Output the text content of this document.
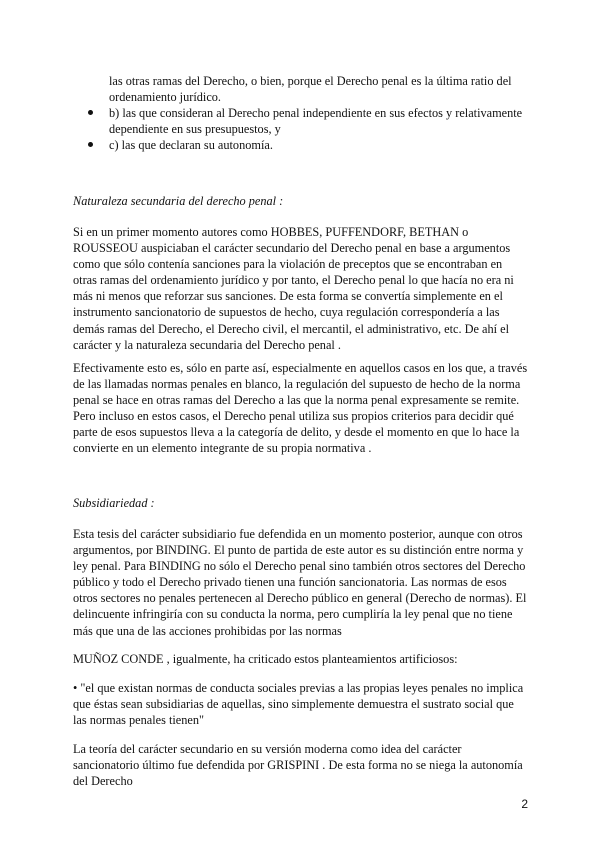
las otras ramas del Derecho, o bien, porque el Derecho penal es la última ratio del ordenamiento jurídico.
b) las que consideran al Derecho penal independiente en sus efectos y relativamente dependiente en sus presupuestos, y
c) las que declaran su autonomía.
Naturaleza secundaria del derecho penal :

Si en un primer momento autores como HOBBES, PUFFENDORF, BETHAN o ROUSSEOU auspiciaban el carácter secundario del Derecho penal en base a argumentos como que sólo contenía sanciones para la violación de preceptos que se encontraban en otras ramas del ordenamiento jurídico y por tanto, el Derecho penal lo que hacía no era ni más ni menos que reforzar sus sanciones. De esta forma se convertía simplemente en el instrumento sancionatorio de supuestos de hecho, cuya regulación correspondería a las demás ramas del Derecho, el Derecho civil, el mercantil, el administrativo, etc. De ahí el carácter y la naturaleza secundaria del Derecho penal .

Efectivamente esto es, sólo en parte así, especialmente en aquellos casos en los que, a través de las llamadas normas penales en blanco, la regulación del supuesto de hecho de la norma penal se hace en otras ramas del Derecho a las que la norma penal expresamente se remite. Pero incluso en estos casos, el Derecho penal utiliza sus propios criterios para decidir qué parte de esos supuestos lleva a la categoría de delito, y desde el momento en que lo hace la convierte en un elemento integrante de su propia normativa .

Subsidiariedad :

Esta tesis del carácter subsidiario fue defendida en un momento posterior, aunque con otros argumentos, por BINDING. El punto de partida de este autor es su distinción entre norma y ley penal. Para BINDING no sólo el Derecho penal sino también otros sectores del Derecho público y todo el Derecho privado tienen una función sancionatoria. Las normas de esos otros sectores no penales pertenecen al Derecho público en general (Derecho de normas). El delincuente infringiría con su conducta la norma, pero cumpliría la ley penal que no tiene más que una de las acciones prohibidas por las normas

MUÑOZ CONDE , igualmente, ha criticado estos planteamientos artificiosos:

• "el que existan normas de conducta sociales previas a las propias leyes penales no implica que éstas sean subsidiarias de aquellas, sino simplemente demuestra el sustrato social que las normas penales tienen"

La teoría del carácter secundario en su versión moderna como idea del carácter sancionatorio último fue defendida por GRISPINI . De esta forma no se niega la autonomía del Derecho

2
